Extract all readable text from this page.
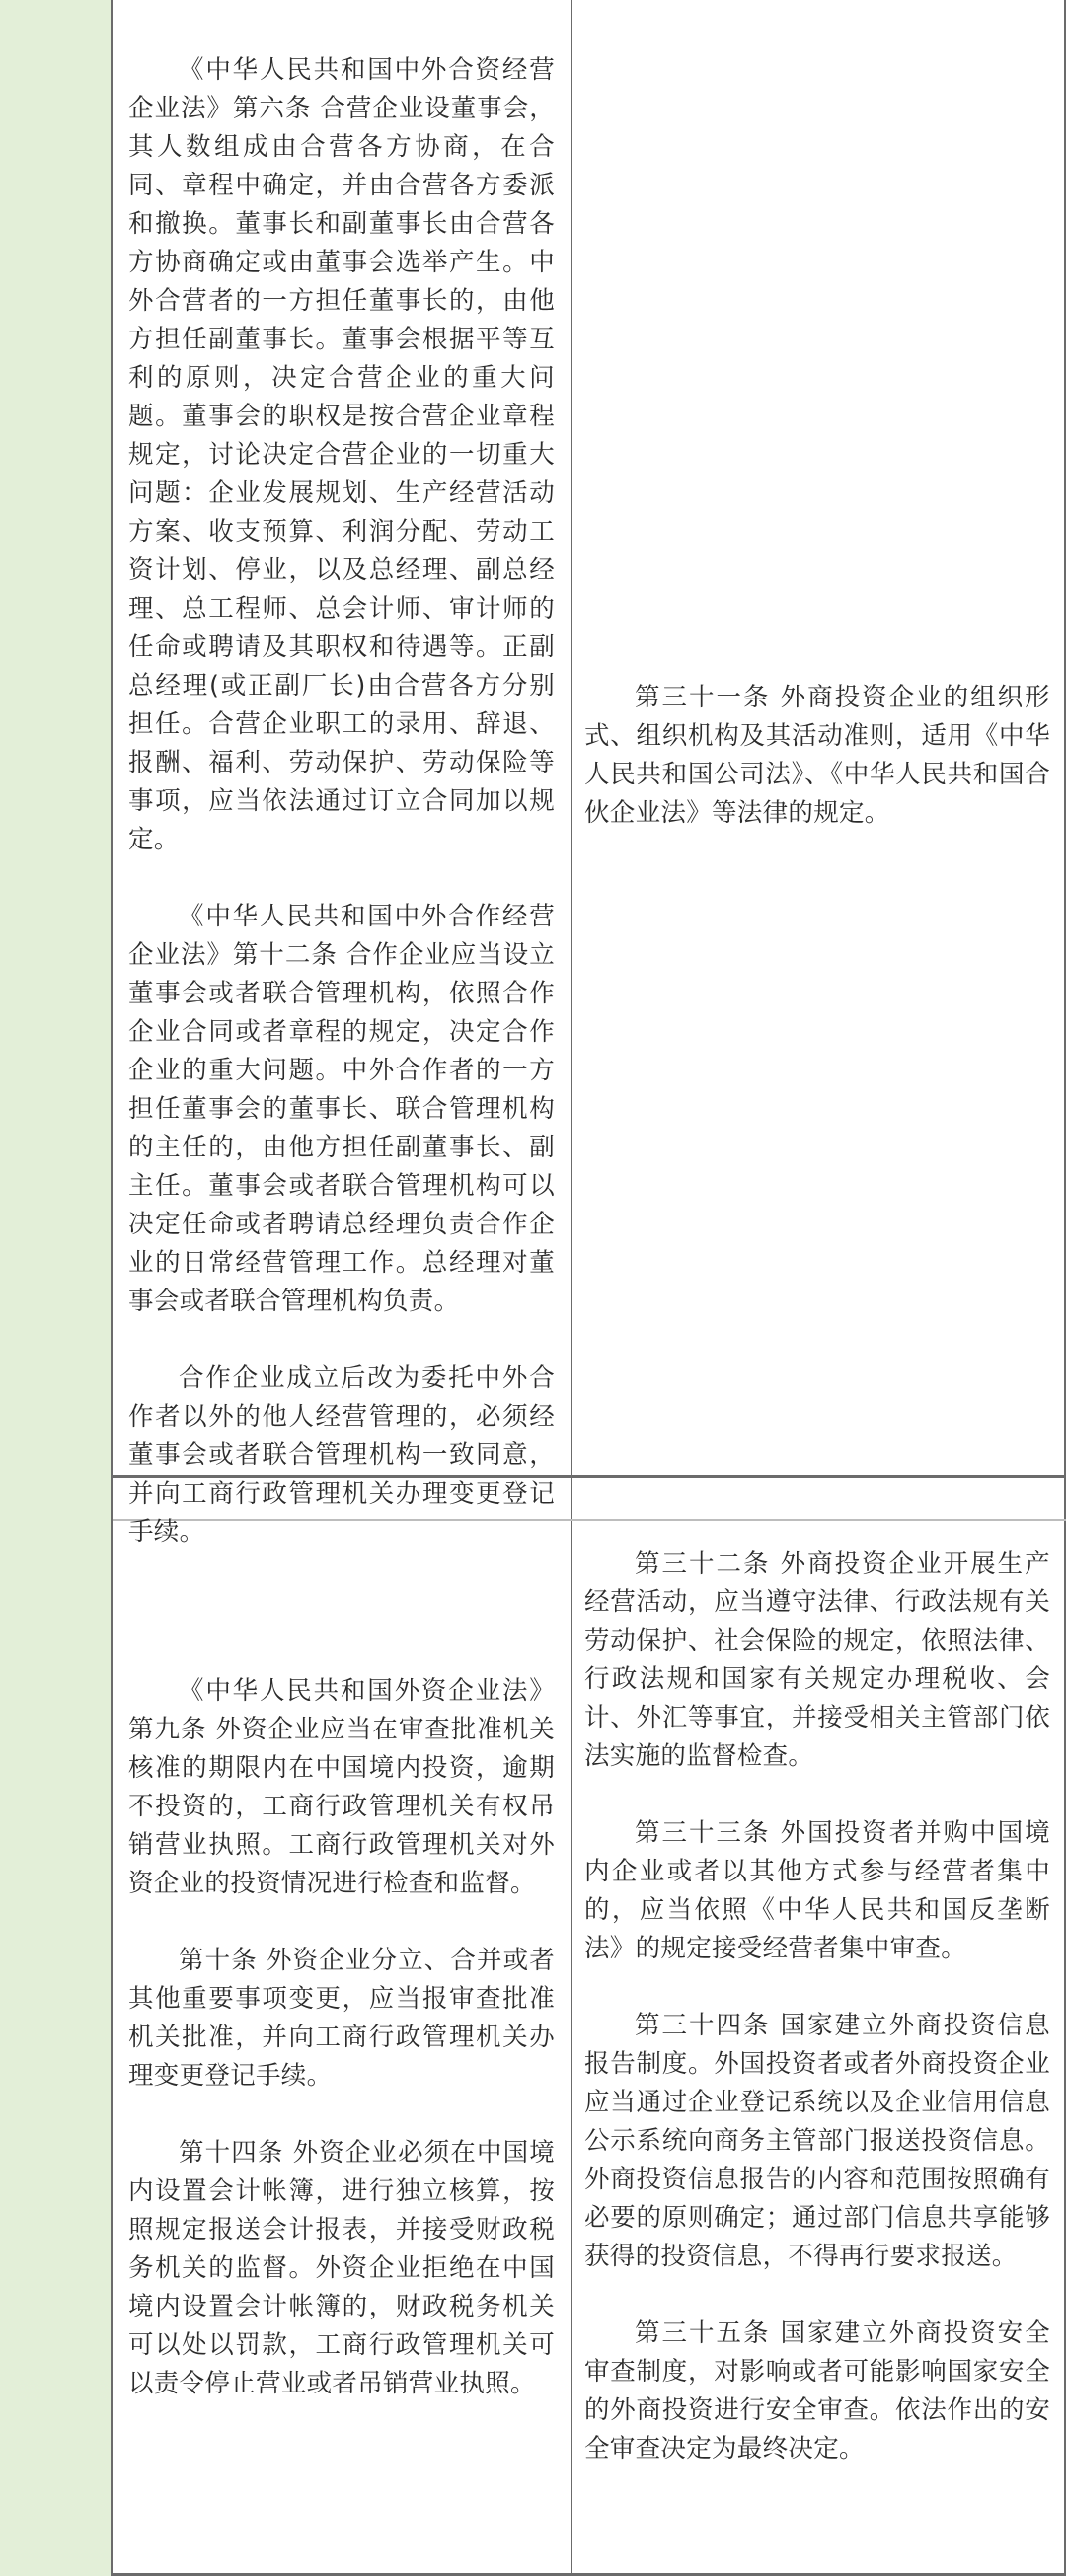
《中华人民共和国中外合资经营企业法》第六条 合营企业设董事会，其人数组成由合营各方协商，在合同、章程中确定，并由合营各方委派和撤换。董事长和副董事长由合营各方协商确定或由董事会选举产生。中外合营者的一方担任董事长的，由他方担任副董事长。董事会根据平等互利的原则，决定合营企业的重大问题。董事会的职权是按合营企业章程规定，讨论决定合营企业的一切重大问题：企业发展规划、生产经营活动方案、收支预算、利润分配、劳动工资计划、停业，以及总经理、副总经理、总工程师、总会计师、审计师的任命或聘请及其职权和待遇等。正副总经理(或正副厂长)由合营各方分别担任。合营企业职工的录用、辞退、报酬、福利、劳动保护、劳动保险等事项，应当依法通过订立合同加以规定。

《中华人民共和国中外合作经营企业法》第十二条 合作企业应当设立董事会或者联合管理机构，依照合作企业合同或者章程的规定，决定合作企业的重大问题。中外合作者的一方担任董事会的董事长、联合管理机构的主任的，由他方担任副董事长、副主任。董事会或者联合管理机构可以决定任命或者聘请总经理负责合作企业的日常经营管理工作。总经理对董事会或者联合管理机构负责。

合作企业成立后改为委托中外合作者以外的他人经营管理的，必须经董事会或者联合管理机构一致同意，并向工商行政管理机关办理变更登记手续。

第三十一条 外商投资企业的组织形式、组织机构及其活动准则，适用《中华人民共和国公司法》、《中华人民共和国合伙企业法》等法律的规定。

《中华人民共和国外资企业法》第九条 外资企业应当在审查批准机关核准的期限内在中国境内投资，逾期不投资的，工商行政管理机关有权吊销营业执照。工商行政管理机关对外资企业的投资情况进行检查和监督。

第十条 外资企业分立、合并或者其他重要事项变更，应当报审查批准机关批准，并向工商行政管理机关办理变更登记手续。

第十四条 外资企业必须在中国境内设置会计帐簿，进行独立核算，按照规定报送会计报表，并接受财政税务机关的监督。外资企业拒绝在中国境内设置会计帐簿的，财政税务机关可以处以罚款，工商行政管理机关可以责令停止营业或者吊销营业执照。

第三十二条 外商投资企业开展生产经营活动，应当遵守法律、行政法规有关劳动保护、社会保险的规定，依照法律、行政法规和国家有关规定办理税收、会计、外汇等事宜，并接受相关主管部门依法实施的监督检查。

第三十三条 外国投资者并购中国境内企业或者以其他方式参与经营者集中的，应当依照《中华人民共和国反垄断法》的规定接受经营者集中审查。

第三十四条 国家建立外商投资信息报告制度。外国投资者或者外商投资企业应当通过企业登记系统以及企业信用信息公示系统向商务主管部门报送投资信息。外商投资信息报告的内容和范围按照确有必要的原则确定；通过部门信息共享能够获得的投资信息，不得再行要求报送。

第三十五条 国家建立外商投资安全审查制度，对影响或者可能影响国家安全的外商投资进行安全审查。依法作出的安全审查决定为最终决定。
